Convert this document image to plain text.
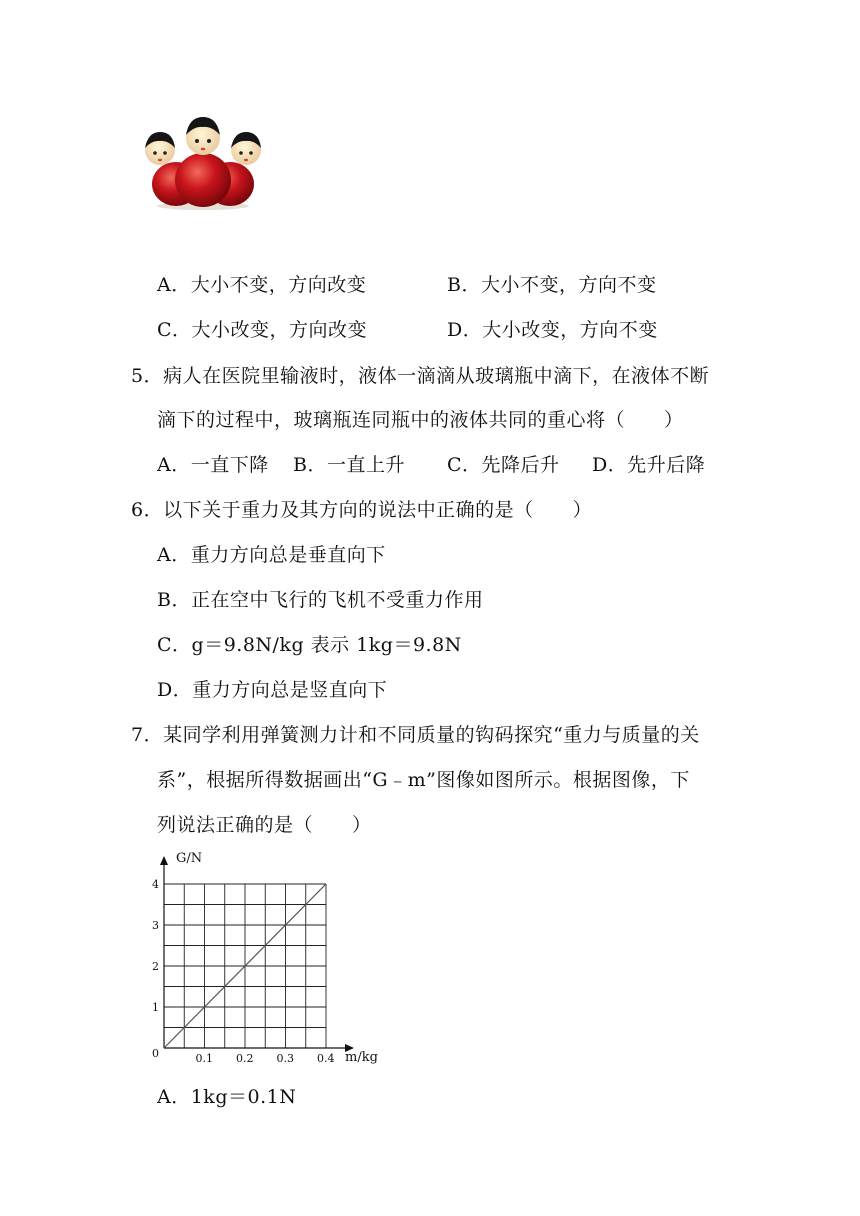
A．大小不变，方向改变	B．大小不变，方向不变
C．大小改变，方向改变	D．大小改变，方向不变
5．病人在医院里输液时，液体一滴滴从玻璃瓶中滴下，在液体不断
滴下的过程中，玻璃瓶连同瓶中的液体共同的重心将（　　）
A．一直下降 B．一直上升 C．先降后升 D．先升后降
6．以下关于重力及其方向的说法中正确的是（　　）
A．重力方向总是垂直向下
B．正在空中飞行的飞机不受重力作用
C．g＝9.8N/kg 表示 1kg＝9.8N
D．重力方向总是竖直向下
7．某同学利用弹簧测力计和不同质量的钩码探究“重力与质量的关
系”，根据所得数据画出“G﹣m”图像如图所示。根据图像，下
列说法正确的是（　　）
G/N
m/kg
0	0.1 0.2 0.3 0.4
1
2
3
4
A．1kg＝0.1N
